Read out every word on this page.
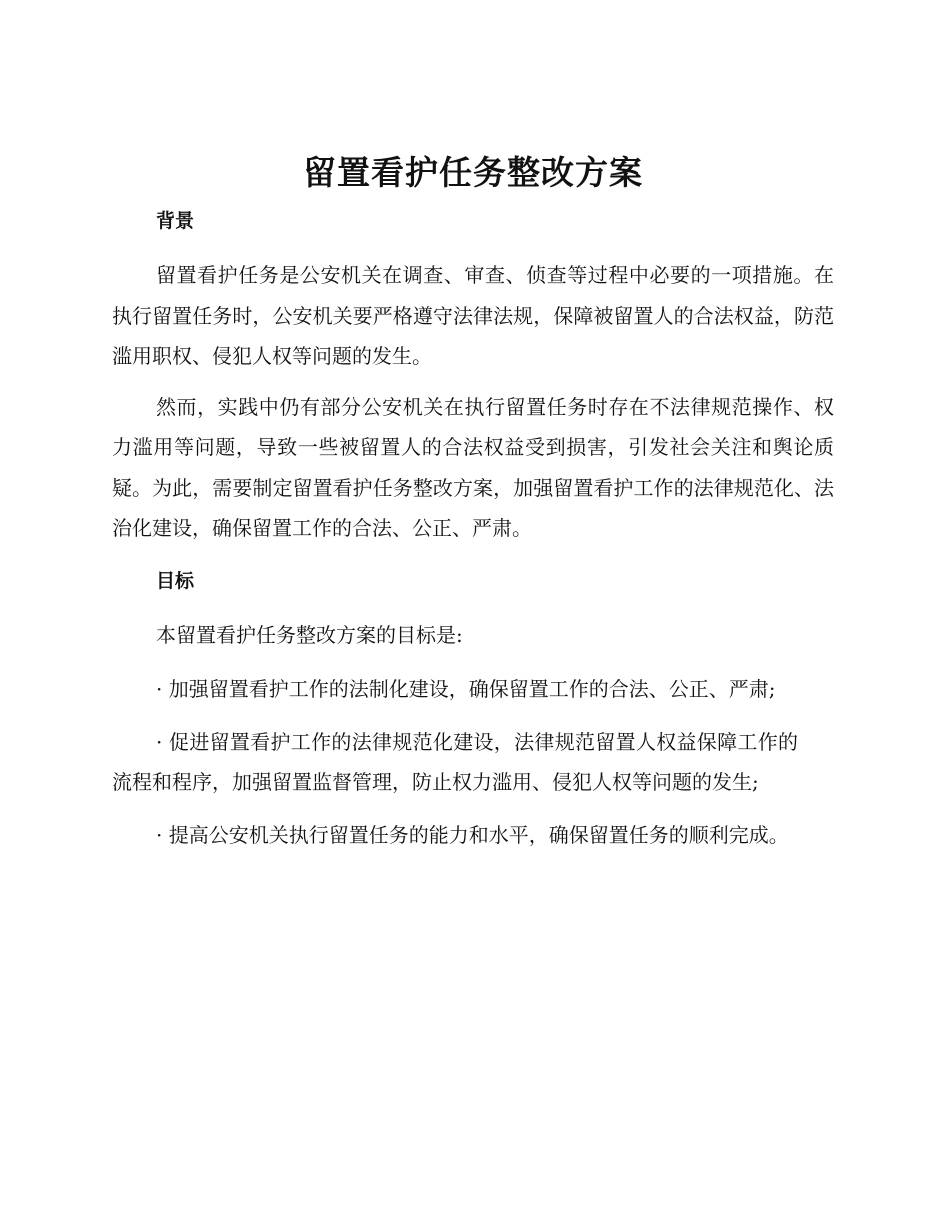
留置看护任务整改方案
背景

留置看护任务是公安机关在调查、审查、侦查等过程中必要的一项措施。在执行留置任务时，公安机关要严格遵守法律法规，保障被留置人的合法权益，防范滥用职权、侵犯人权等问题的发生。

然而，实践中仍有部分公安机关在执行留置任务时存在不法律规范操作、权力滥用等问题，导致一些被留置人的合法权益受到损害，引发社会关注和舆论质疑。为此，需要制定留置看护任务整改方案，加强留置看护工作的法律规范化、法治化建设，确保留置工作的合法、公正、严肃。

目标

本留置看护任务整改方案的目标是:

· 加强留置看护工作的法制化建设，确保留置工作的合法、公正、严肃;

· 促进留置看护工作的法律规范化建设，法律规范留置人权益保障工作的流程和程序，加强留置监督管理，防止权力滥用、侵犯人权等问题的发生;

· 提高公安机关执行留置任务的能力和水平，确保留置任务的顺利完成。
